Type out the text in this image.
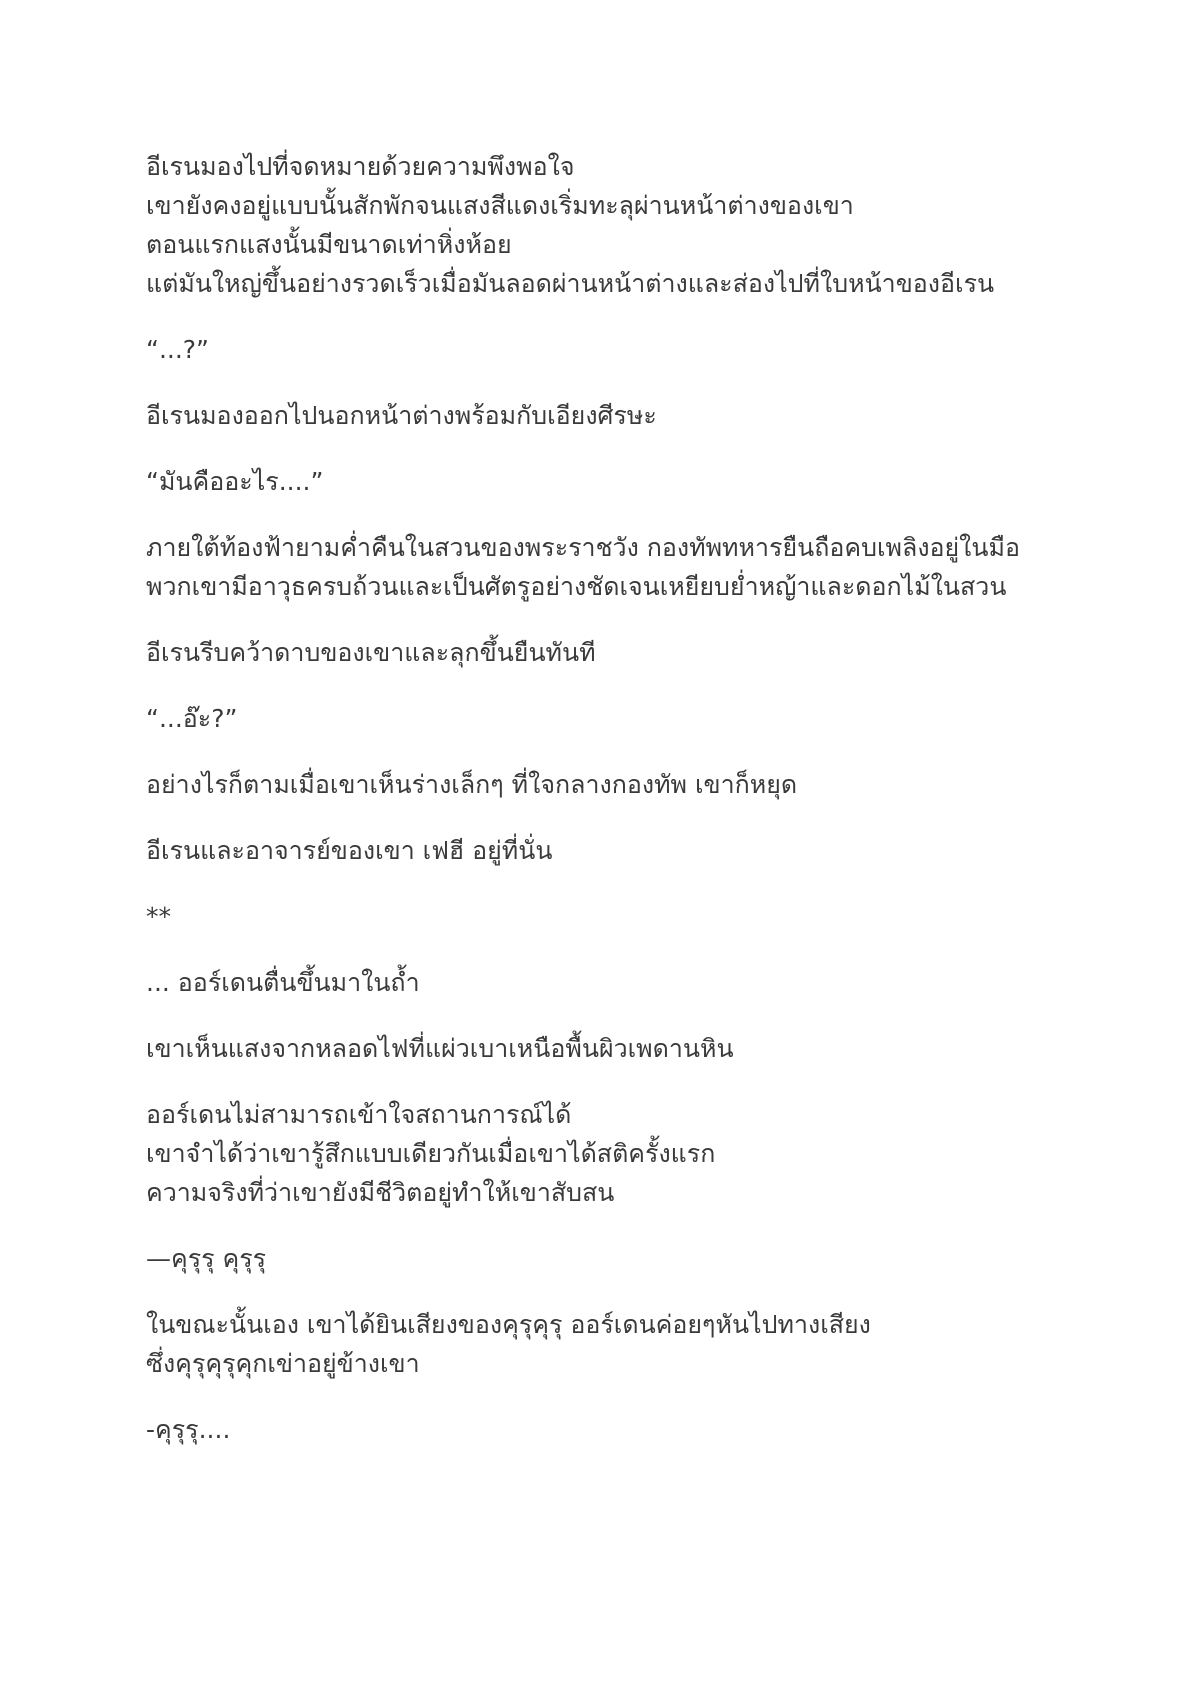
อีเรนมองไปที่จดหมายด้วยความพึงพอใจ
เขายังคงอยู่แบบนั้นสักพักจนแสงสีแดงเริ่มทะลุผ่านหน้าต่างของเขา
ตอนแรกแสงนั้นมีขนาดเท่าหิ่งห้อย
แต่มันใหญ่ขึ้นอย่างรวดเร็วเมื่อมันลอดผ่านหน้าต่างและส่องไปที่ใบหน้าของอีเรน

“...?”

อีเรนมองออกไปนอกหน้าต่างพร้อมกับเอียงศีรษะ

“มันคืออะไร....”

ภายใต้ท้องฟ้ายามค่ำคืนในสวนของพระราชวัง กองทัพทหารยืนถือคบเพลิงอยู่ในมือ
พวกเขามีอาวุธครบถ้วนและเป็นศัตรูอย่างชัดเจนเหยียบย่ำหญ้าและดอกไม้ในสวน

อีเรนรีบคว้าดาบของเขาและลุกขึ้นยืนทันที

“...อ๊ะ?”

อย่างไรก็ตามเมื่อเขาเห็นร่างเล็กๆ ที่ใจกลางกองทัพ เขาก็หยุด

อีเรนและอาจารย์ของเขา เฟฮี อยู่ที่นั่น

**

... ออร์เดนตื่นขึ้นมาในถ้ำ

เขาเห็นแสงจากหลอดไฟที่แผ่วเบาเหนือพื้นผิวเพดานหิน

ออร์เดนไม่สามารถเข้าใจสถานการณ์ได้
เขาจำได้ว่าเขารู้สึกแบบเดียวกันเมื่อเขาได้สติครั้งแรก
ความจริงที่ว่าเขายังมีชีวิตอยู่ทำให้เขาสับสน

—คุรุรุ คุรุรุ

ในขณะนั้นเอง เขาได้ยินเสียงของคุรุคุรุ ออร์เดนค่อยๆหันไปทางเสียง
ซึ่งคุรุคุรุคุกเข่าอยู่ข้างเขา

-คุรุรุ....
